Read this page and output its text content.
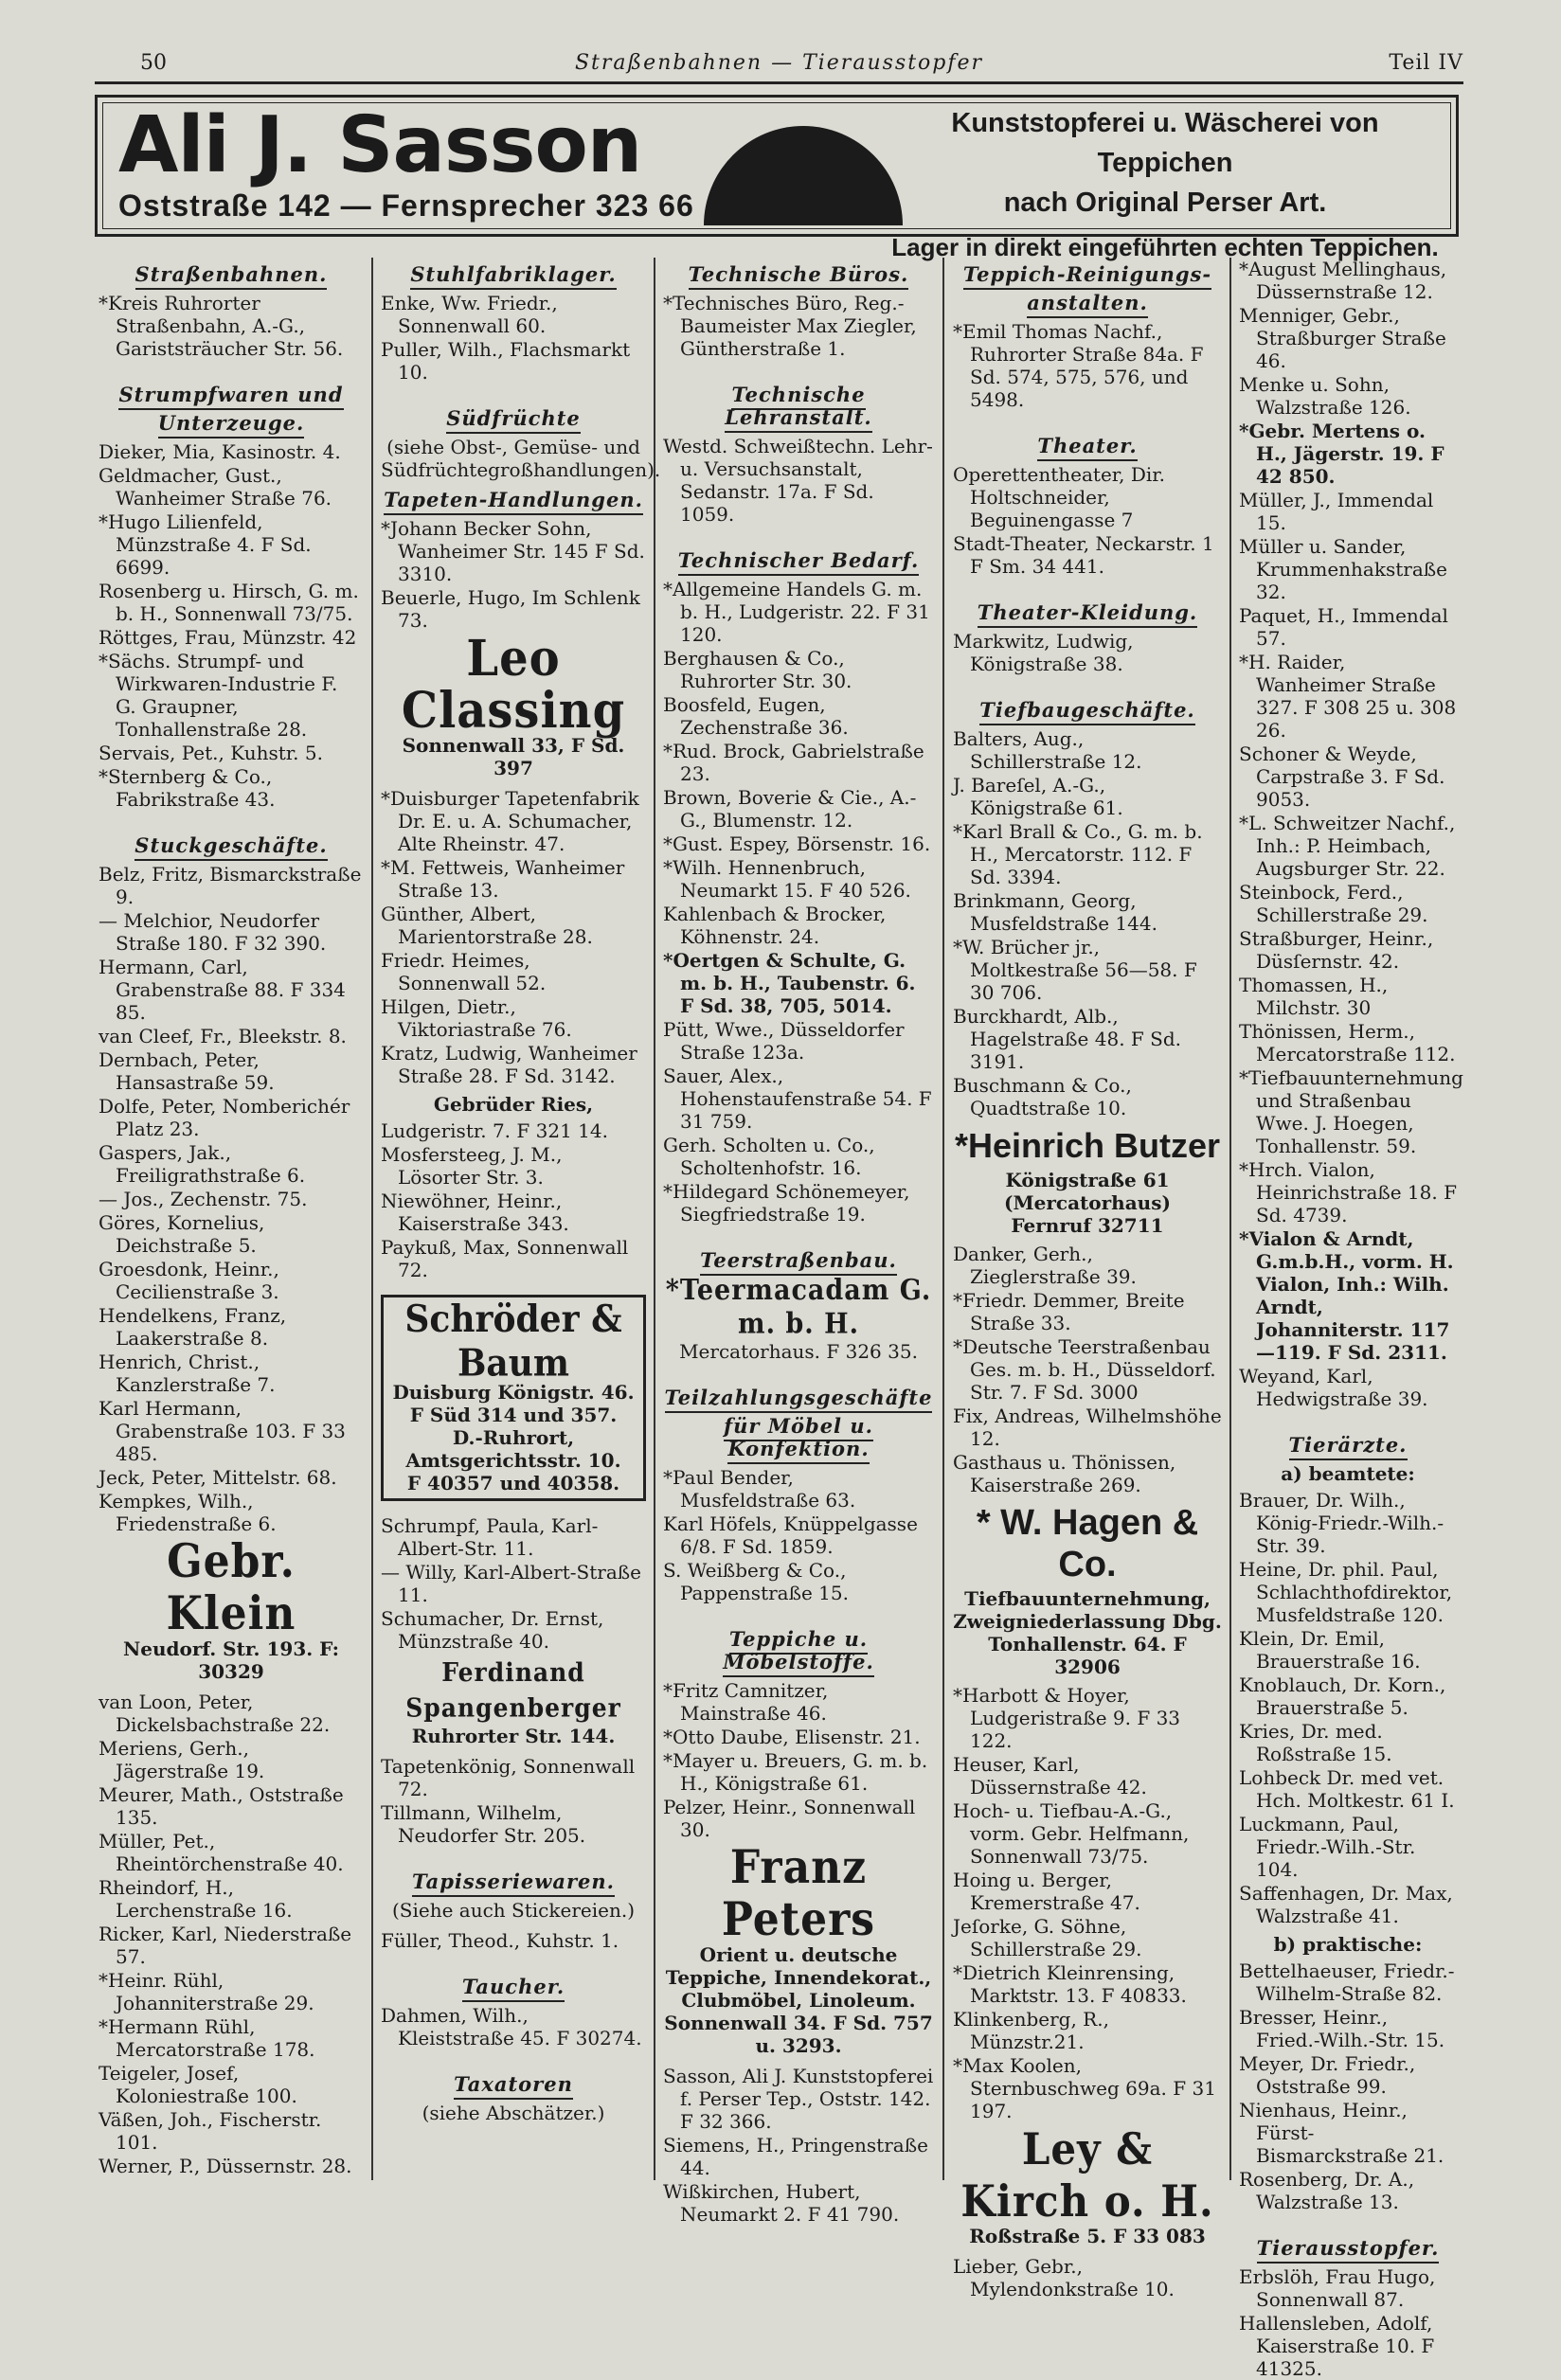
50	Straßenbahnen — Tierausstopfer	Teil IV
Ali J. Sasson
Oststraße 142 — Fernsprecher 323 66
Kunststopferei u. Wäscherei von Teppichen
nach Original Perser Art.
Lager in direkt eingeführten echten Teppichen.
Straßenbahnen.
*Kreis Ruhrorter Straßenbahn, A.-G., Gariststräucher Str. 56.
Strumpfwaren und
Unterzeuge.
Dieker, Mia, Kasinostr. 4.
Geldmacher, Gust., Wanheimer Straße 76.
*Hugo Lilienfeld, Münzstraße 4. F Sd. 6699.
Rosenberg u. Hirsch, G. m. b. H., Sonnenwall 73/75.
Röttges, Frau, Münzstr. 42
*Sächs. Strumpf- und Wirkwaren-Industrie F. G. Graupner, Tonhallenstraße 28.
Servais, Pet., Kuhstr. 5.
*Sternberg & Co., Fabrikstraße 43.
Stuckgeschäfte.
Belz, Fritz, Bismarckstraße 9.
— Melchior, Neudorfer Straße 180. F 32 390.
Hermann, Carl, Grabenstraße 88. F 334 85.
van Cleef, Fr., Bleekstr. 8.
Dernbach, Peter, Hansastraße 59.
Dolfe, Peter, Nomberichér Platz 23.
Gaspers, Jak., Freiligrathstraße 6.
— Jos., Zechenstr. 75.
Göres, Kornelius, Deichstraße 5.
Groesdonk, Heinr., Cecilienstraße 3.
Hendelkens, Franz, Laakerstraße 8.
Henrich, Christ., Kanzlerstraße 7.
Karl Hermann, Grabenstraße 103. F 33 485.
Jeck, Peter, Mittelstr. 68.
Kempkes, Wilh., Friedenstraße 6.
Gebr. Klein
Neudorf. Str. 193. F: 30329
van Loon, Peter, Dickelsbachstraße 22.
Meriens, Gerh., Jägerstraße 19.
Meurer, Math., Oststraße 135.
Müller, Pet., Rheintörchenstraße 40.
Rheindorf, H., Lerchenstraße 16.
Ricker, Karl, Niederstraße 57.
*Heinr. Rühl, Johanniterstraße 29.
*Hermann Rühl, Mercatorstraße 178.
Teigeler, Josef, Koloniestraße 100.
Väßen, Joh., Fischerstr. 101.
Werner, P., Düssernstr. 28.
Stuhlfabriklager.
Enke, Ww. Friedr., Sonnenwall 60.
Puller, Wilh., Flachsmarkt 10.
Südfrüchte
(siehe Obst-, Gemüse- und Südfrüchtegroßhandlungen).
Tapeten-Handlungen.
*Johann Becker Sohn, Wanheimer Str. 145 F Sd. 3310.
Beuerle, Hugo, Im Schlenk 73.
Leo Classing
Sonnenwall 33, F Sd. 397
*Duisburger Tapetenfabrik Dr. E. u. A. Schumacher, Alte Rheinstr. 47.
*M. Fettweis, Wanheimer Straße 13.
Günther, Albert, Marientorstraße 28.
Friedr. Heimes, Sonnenwall 52.
Hilgen, Dietr., Viktoriastraße 76.
Kratz, Ludwig, Wanheimer Straße 28. F Sd. 3142.
Gebrüder Ries,
Ludgeristr. 7. F 321 14.
Mosfersteeg, J. M., Lösorter Str. 3.
Niewöhner, Heinr., Kaiserstraße 343.
Paykuß, Max, Sonnenwall 72.
Schröder & Baum
Duisburg Königstr. 46.
F Süd 314 und 357.
D.-Ruhrort,
Amtsgerichtsstr. 10.
F 40357 und 40358.
Schrumpf, Paula, Karl-Albert-Str. 11.
— Willy, Karl-Albert-Straße 11.
Schumacher, Dr. Ernst, Münzstraße 40.
Ferdinand Spangenberger
Ruhrorter Str. 144.
Tapetenkönig, Sonnenwall 72.
Tillmann, Wilhelm, Neudorfer Str. 205.
Tapisseriewaren.
(Siehe auch Stickereien.)
Füller, Theod., Kuhstr. 1.
Taucher.
Dahmen, Wilh., Kleiststraße 45. F 30274.
Taxatoren
(siehe Abschätzer.)
Technische Büros.
*Technisches Büro, Reg.-Baumeister Max Ziegler, Güntherstraße 1.
Technische Lehranstalt.
Westd. Schweißtechn. Lehr- u. Versuchsanstalt, Sedanstr. 17a. F Sd. 1059.
Technischer Bedarf.
*Allgemeine Handels G. m. b. H., Ludgeristr. 22. F 31 120.
Berghausen & Co., Ruhrorter Str. 30.
Boosfeld, Eugen, Zechenstraße 36.
*Rud. Brock, Gabrielstraße 23.
Brown, Boverie & Cie., A.-G., Blumenstr. 12.
*Gust. Espey, Börsenstr. 16.
*Wilh. Hennenbruch, Neumarkt 15. F 40 526.
Kahlenbach & Brocker, Köhnenstr. 24.
*Oertgen & Schulte, G. m. b. H., Taubenstr. 6. F Sd. 38, 705, 5014.
Pütt, Wwe., Düsseldorfer Straße 123a.
Sauer, Alex., Hohenstaufenstraße 54. F 31 759.
Gerh. Scholten u. Co., Scholtenhofstr. 16.
*Hildegard Schönemeyer, Siegfriedstraße 19.
Teerstraßenbau.
*Teermacadam G. m. b. H.
Mercatorhaus. F 326 35.
Teilzahlungsgeschäfte
für Möbel u. Konfektion.
*Paul Bender, Musfeldstraße 63.
Karl Höfels, Knüppelgasse 6/8. F Sd. 1859.
S. Weißberg & Co., Pappenstraße 15.
Teppiche u. Möbelstoffe.
*Fritz Camnitzer, Mainstraße 46.
*Otto Daube, Elisenstr. 21.
*Mayer u. Breuers, G. m. b. H., Königstraße 61.
Pelzer, Heinr., Sonnenwall 30.
Franz Peters
Orient u. deutsche Teppiche, Innendekorat., Clubmöbel, Linoleum. Sonnenwall 34. F Sd. 757 u. 3293.
Sasson, Ali J. Kunststopferei f. Perser Tep., Oststr. 142. F 32 366.
Siemens, H., Pringenstraße 44.
Wißkirchen, Hubert, Neumarkt 2. F 41 790.
Teppich-Reinigungs-
anstalten.
*Emil Thomas Nachf., Ruhrorter Straße 84a. F Sd. 574, 575, 576, und 5498.
Theater.
Operettentheater, Dir. Holtschneider, Beguinengasse 7
Stadt-Theater, Neckarstr. 1 F Sm. 34 441.
Theater-Kleidung.
Markwitz, Ludwig, Königstraße 38.
Tiefbaugeschäfte.
Balters, Aug., Schillerstraße 12.
J. Bareſel, A.-G., Königstraße 61.
*Karl Brall & Co., G. m. b. H., Mercatorstr. 112. F Sd. 3394.
Brinkmann, Georg, Musfeldstraße 144.
*W. Brücher jr., Moltkestraße 56—58. F 30 706.
Burckhardt, Alb., Hagelstraße 48. F Sd. 3191.
Buschmann & Co., Quadtstraße 10.
*Heinrich Butzer
Königstraße 61
(Mercatorhaus)
Fernruf 32711
Danker, Gerh., Zieglerstraße 39.
*Friedr. Demmer, Breite Straße 33.
*Deutsche Teerstraßenbau Ges. m. b. H., Düsseldorf. Str. 7. F Sd. 3000
Fix, Andreas, Wilhelmshöhe 12.
Gasthaus u. Thönissen, Kaiserstraße 269.
* W. Hagen & Co.
Tiefbauunternehmung,
Zweigniederlassung Dbg.
Tonhallenstr. 64. F 32906
*Harbott & Hoyer, Ludgeristraße 9. F 33 122.
Heuser, Karl, Düssernstraße 42.
Hoch- u. Tiefbau-A.-G., vorm. Gebr. Helfmann, Sonnenwall 73/75.
Hoing u. Berger, Kremerstraße 47.
Jeſorke, G. Söhne, Schillerstraße 29.
*Dietrich Kleinrensing, Marktstr. 13. F 40833.
Klinkenberg, R., Münzstr.21.
*Max Koolen, Sternbuschweg 69a. F 31 197.
Ley & Kirch o. H.
Roßstraße 5. F 33 083
Lieber, Gebr., Mylendonkstraße 10.
*August Mellinghaus, Düssernstraße 12.
Menniger, Gebr., Straßburger Straße 46.
Menke u. Sohn, Walzstraße 126.
*Gebr. Mertens o. H., Jägerstr. 19. F 42 850.
Müller, J., Immendal 15.
Müller u. Sander, Krummenhakstraße 32.
Paquet, H., Immendal 57.
*H. Raider, Wanheimer Straße 327. F 308 25 u. 308 26.
Schoner & Weyde, Carpstraße 3. F Sd. 9053.
*L. Schweitzer Nachf., Inh.: P. Heimbach, Augsburger Str. 22.
Steinbock, Ferd., Schillerstraße 29.
Straßburger, Heinr., Düsſernstr. 42.
Thomassen, H., Milchstr. 30
Thönissen, Herm., Mercatorstraße 112.
*Tiefbauunternehmung und Straßenbau Wwe. J. Hoegen, Tonhallenstr. 59.
*Hrch. Vialon, Heinrichstraße 18. F Sd. 4739.
*Vialon & Arndt, G.m.b.H., vorm. H. Vialon, Inh.: Wilh. Arndt, Johanniterstr. 117—119. F Sd. 2311.
Weyand, Karl, Hedwigstraße 39.
Tierärzte.
a) beamtete:
Brauer, Dr. Wilh., König-Friedr.-Wilh.-Str. 39.
Heine, Dr. phil. Paul, Schlachthofdirektor, Musfeldstraße 120.
Klein, Dr. Emil, Brauerstraße 16.
Knoblauch, Dr. Korn., Brauerstraße 5.
Kries, Dr. med. Roßstraße 15.
Lohbeck Dr. med vet. Hch. Moltkestr. 61 I.
Luckmann, Paul, Friedr.-Wilh.-Str. 104.
Saffenhagen, Dr. Max, Walzstraße 41.
b) praktische:
Bettelhaeuser, Friedr.-Wilhelm-Straße 82.
Bresser, Heinr., Fried.-Wilh.-Str. 15.
Meyer, Dr. Friedr., Oststraße 99.
Nienhaus, Heinr., Fürst-Bismarckstraße 21.
Rosenberg, Dr. A., Walzstraße 13.
Tierausstopfer.
Erbslöh, Frau Hugo, Sonnenwall 87.
Hallensleben, Adolf, Kaiserstraße 10. F 41325.
